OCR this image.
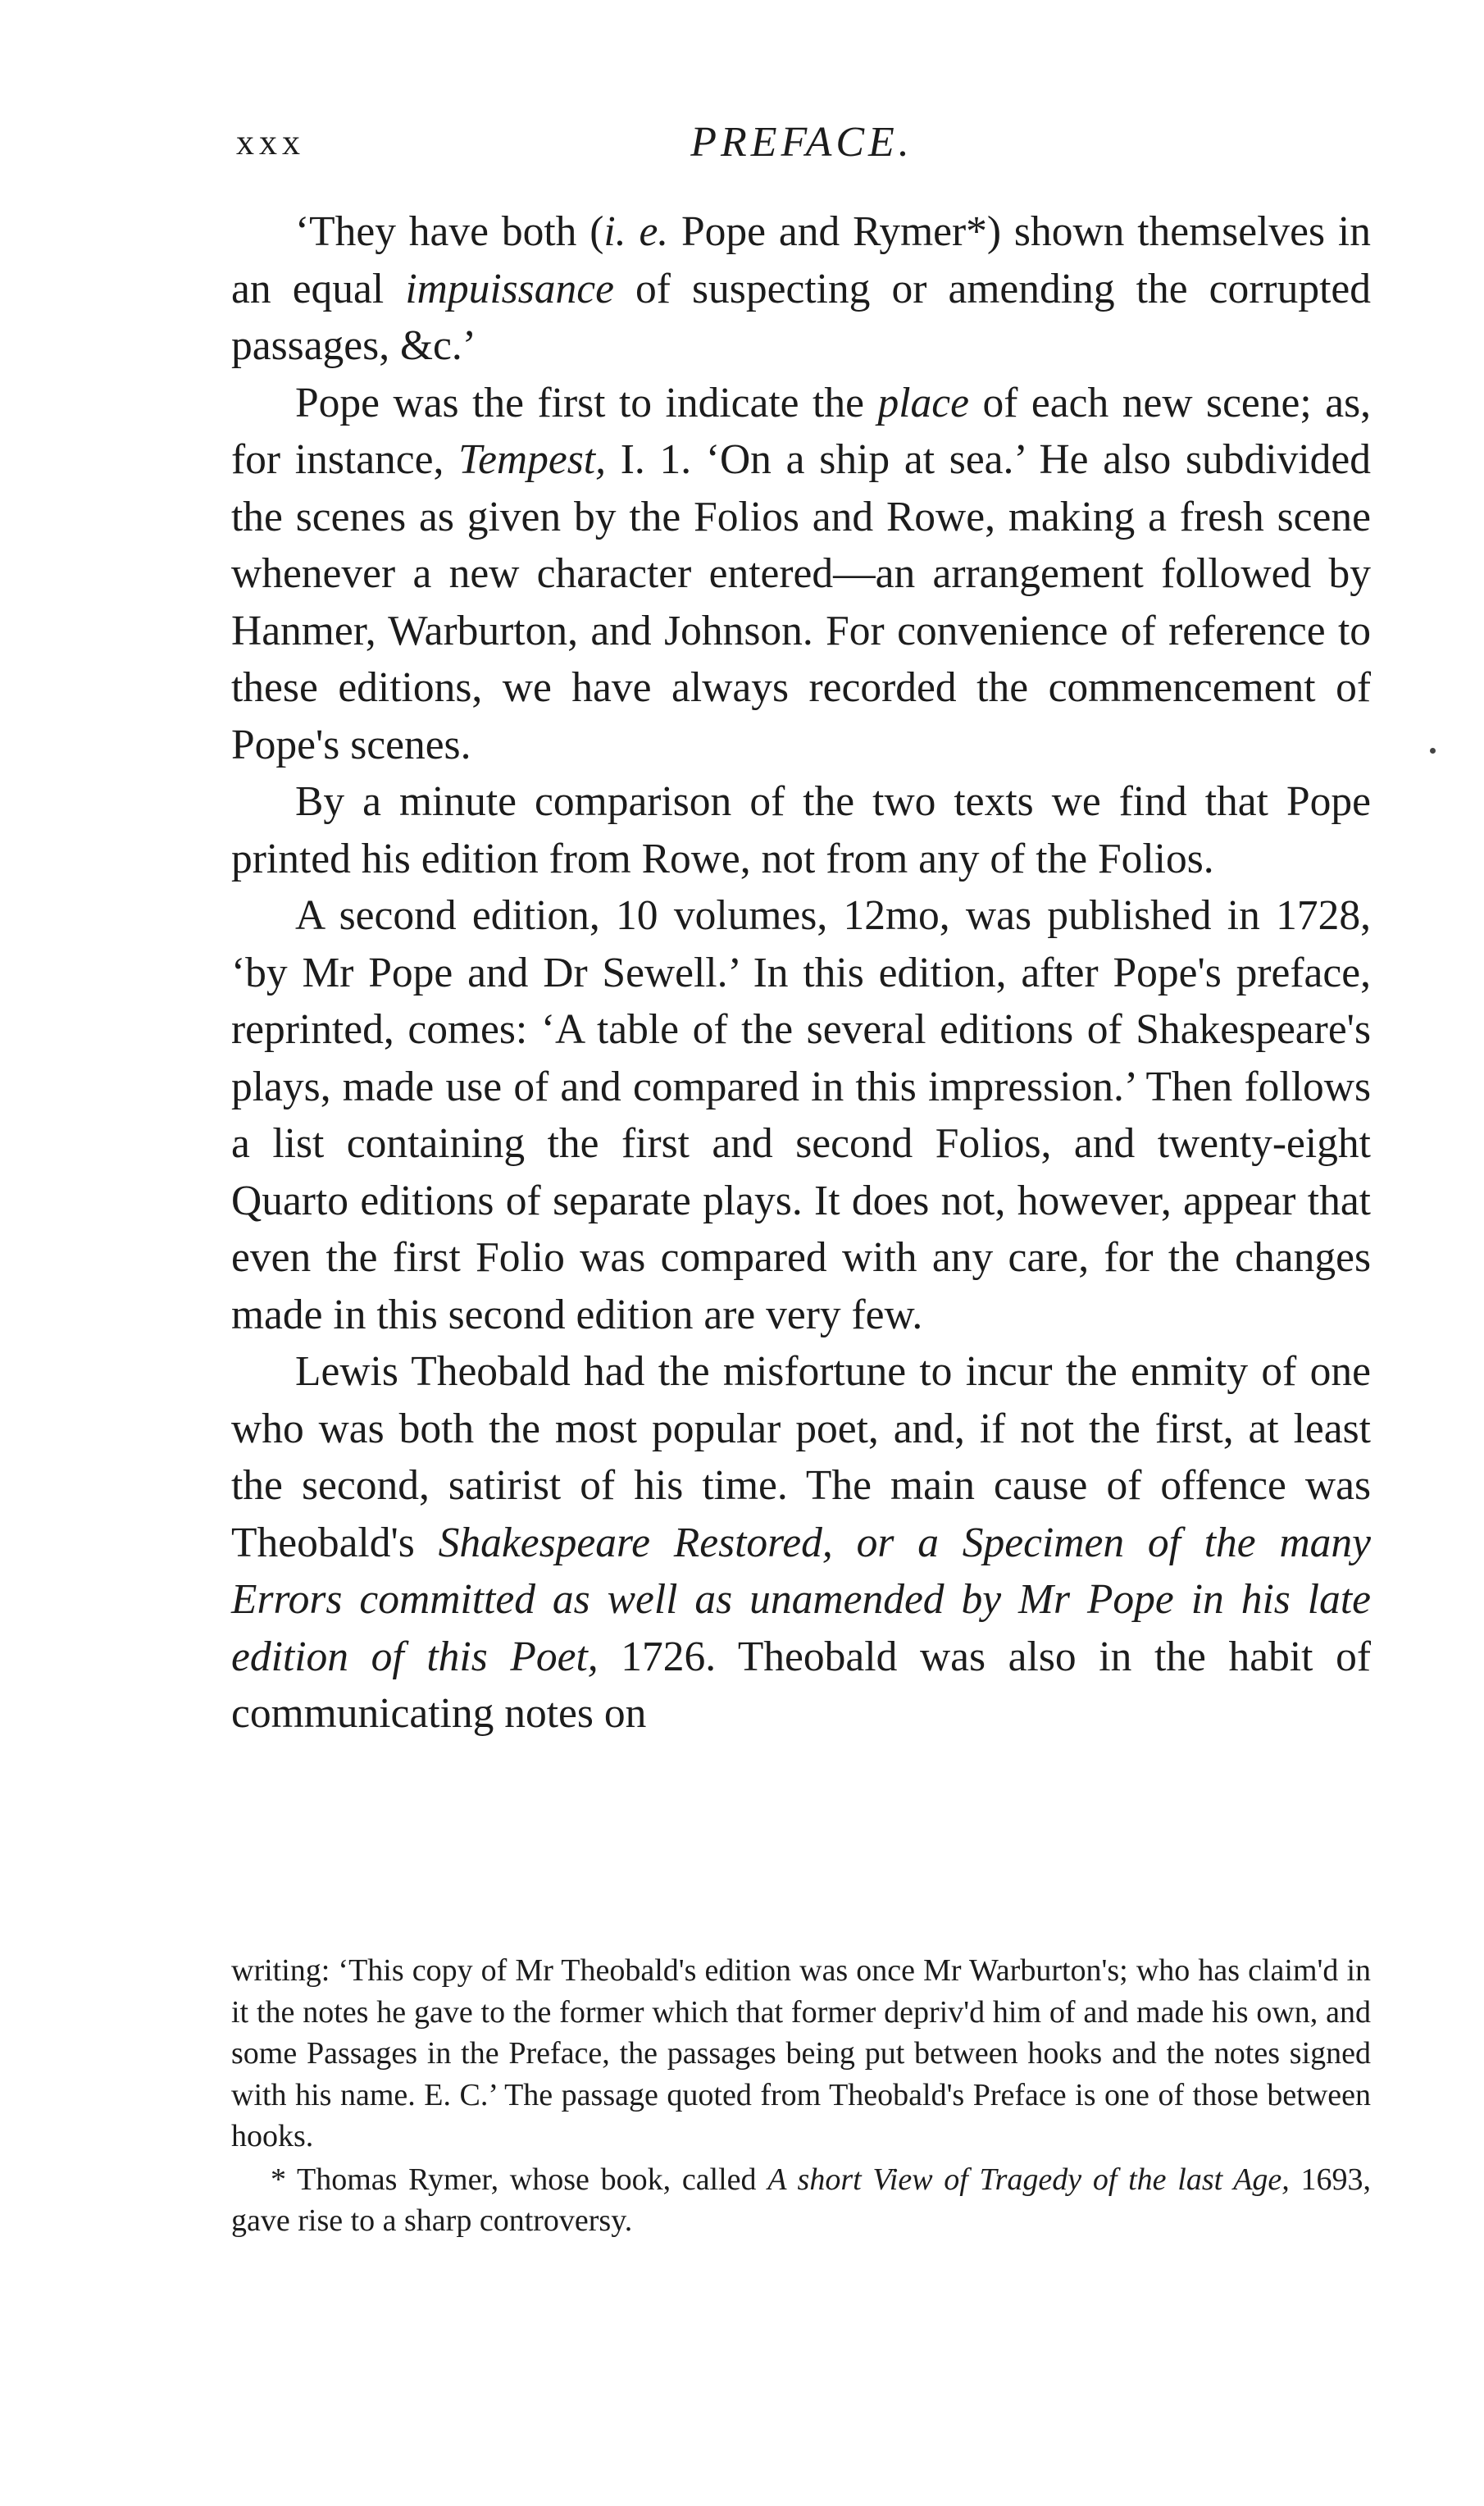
xxx	PREFACE.

‘They have both (i. e. Pope and Rymer*) shown themselves in an equal impuissance of suspecting or amending the corrupted passages, &c.’

Pope was the first to indicate the place of each new scene; as, for instance, Tempest, I. 1. ‘On a ship at sea.’ He also subdivided the scenes as given by the Folios and Rowe, making a fresh scene whenever a new character entered—an arrangement followed by Hanmer, Warburton, and Johnson. For convenience of reference to these editions, we have always recorded the commencement of Pope's scenes.

By a minute comparison of the two texts we find that Pope printed his edition from Rowe, not from any of the Folios.

A second edition, 10 volumes, 12mo, was published in 1728, ‘by Mr Pope and Dr Sewell.’ In this edition, after Pope's preface, reprinted, comes: ‘A table of the several editions of Shakespeare's plays, made use of and compared in this impression.’ Then follows a list containing the first and second Folios, and twenty-eight Quarto editions of separate plays. It does not, however, appear that even the first Folio was compared with any care, for the changes made in this second edition are very few.

Lewis Theobald had the misfortune to incur the enmity of one who was both the most popular poet, and, if not the first, at least the second, satirist of his time. The main cause of offence was Theobald's Shakespeare Restored, or a Specimen of the many Errors committed as well as unamended by Mr Pope in his late edition of this Poet, 1726. Theobald was also in the habit of communicating notes on

writing: ‘This copy of Mr Theobald's edition was once Mr Warburton's; who has claim'd in it the notes he gave to the former which that former depriv'd him of and made his own, and some Passages in the Preface, the passages being put between hooks and the notes signed with his name. E. C.’ The passage quoted from Theobald's Preface is one of those between hooks.

* Thomas Rymer, whose book, called A short View of Tragedy of the last Age, 1693, gave rise to a sharp controversy.
